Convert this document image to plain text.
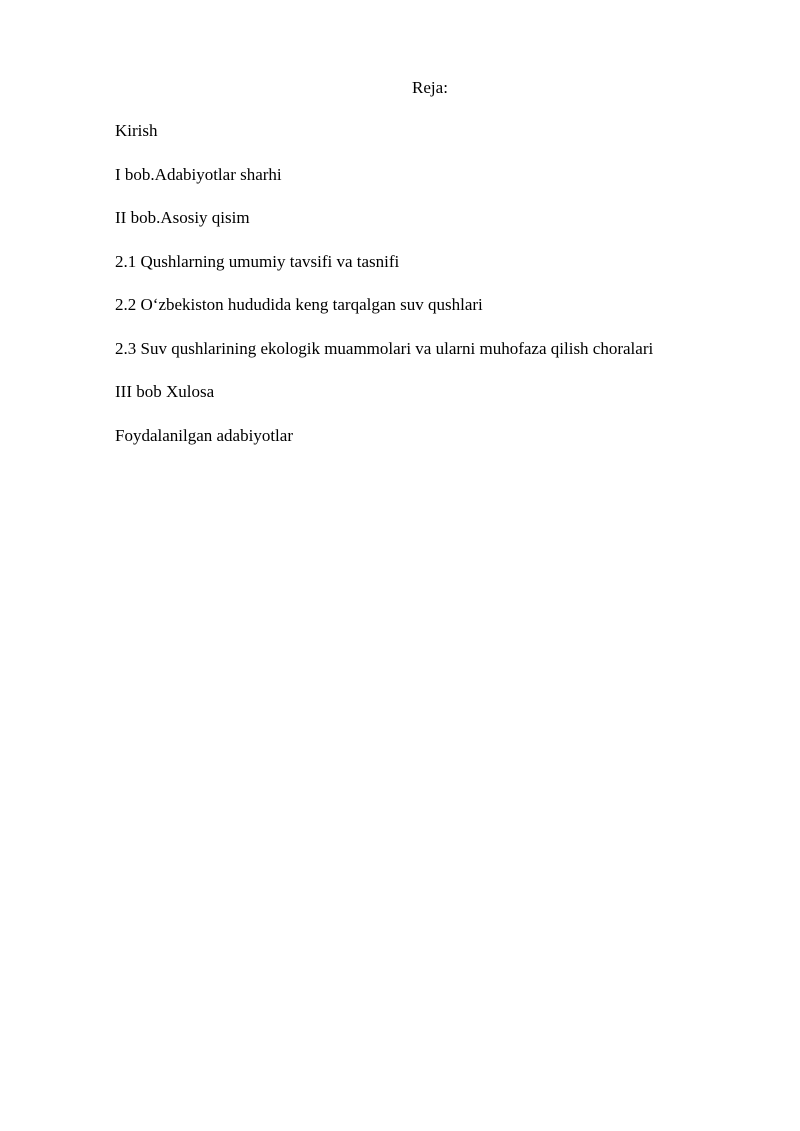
Reja:
Kirish
I bob.Adabiyotlar sharhi
II bob.Asosiy qisim
2.1 Qushlarning umumiy tavsifi va tasnifi
2.2 O‘zbekiston hududida keng tarqalgan suv qushlari
2.3 Suv qushlarining ekologik muammolari va ularni muhofaza qilish choralari
III bob Xulosa
Foydalanilgan adabiyotlar
